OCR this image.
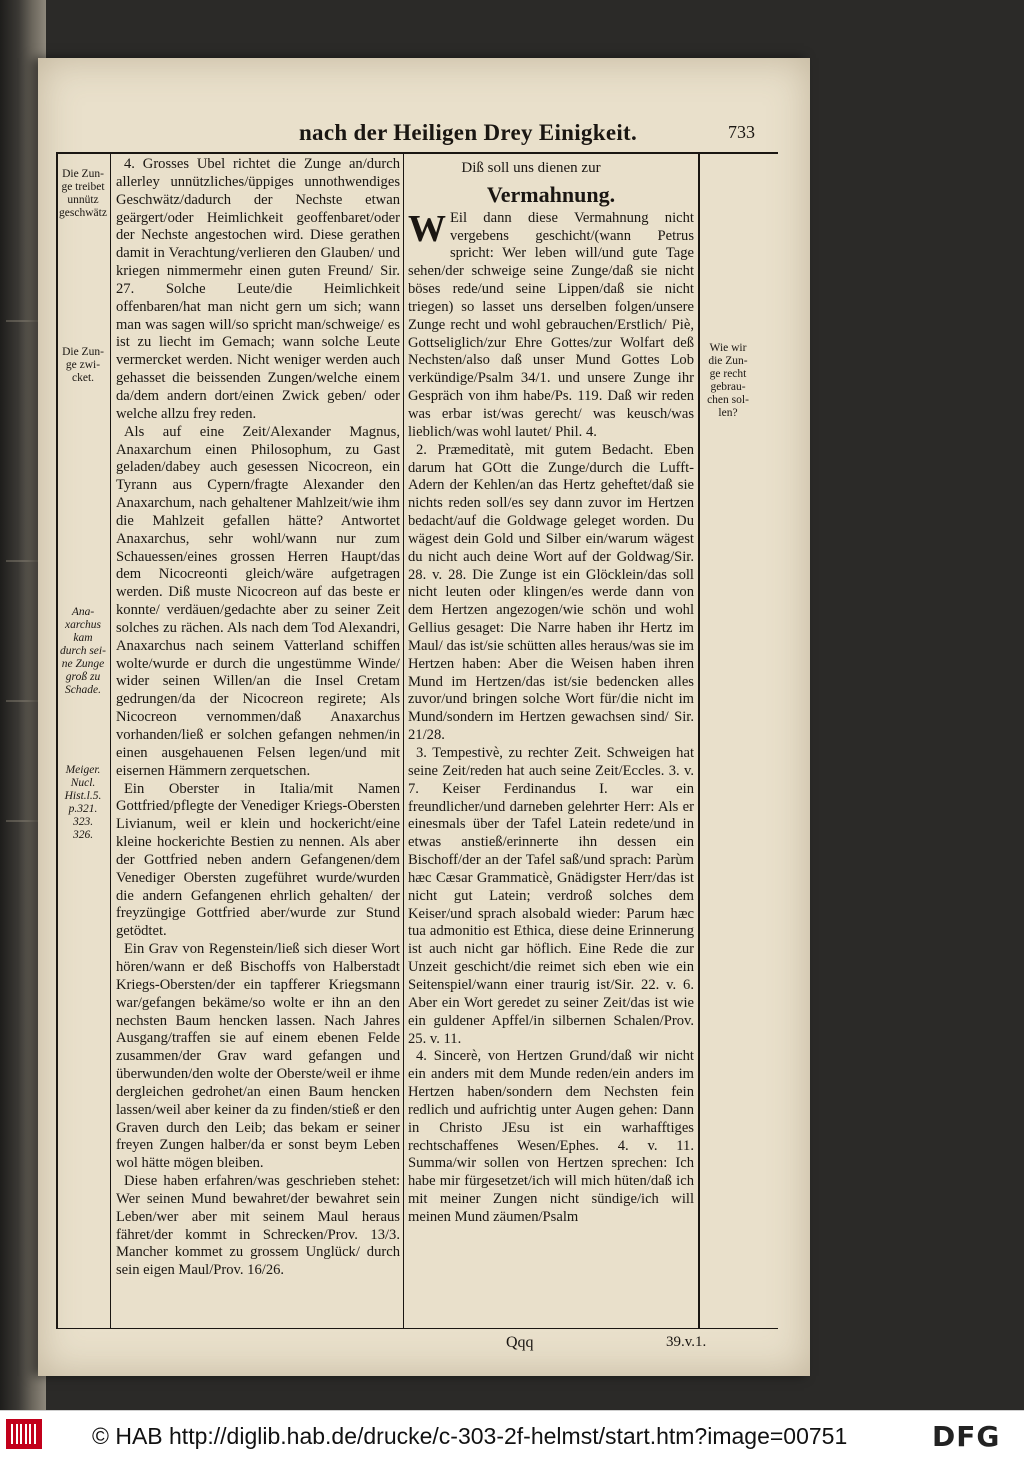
nach der Heiligen Drey Einigkeit.	733
Die Zun-
ge treibet
unnütz
geschwätz
Die Zun-
ge zwi-
cket.
Ana-
xarchus
kam
durch sei-
ne Zunge
groß zu
Schade.
Meiger.
Nucl.
Hist.l.5.
p.321.
323.
326.
Wie wir
die Zun-
ge recht
gebrau-
chen sol-
len?

4. Grosses Ubel richtet die Zunge an/durch allerley unnützliches/üppiges unnothwendiges Geschwätz/dadurch der Nechste etwan geärgert/oder Heimlichkeit geoffenbaret/oder der Nechste angestochen wird. Diese gerathen damit in Verachtung/verlieren den Glauben/ und kriegen nimmermehr einen guten Freund/ Sir. 27. Solche Leute/die Heimlichkeit offenbaren/hat man nicht gern um sich; wann man was sagen will/so spricht man/schweige/ es ist zu liecht im Gemach; wann solche Leute vermercket werden. Nicht weniger werden auch gehasset die beissenden Zungen/welche einem da/dem andern dort/einen Zwick geben/ oder welche allzu frey reden.

Als auf eine Zeit/Alexander Magnus, Anaxarchum einen Philosophum, zu Gast geladen/dabey auch gesessen Nicocreon, ein Tyrann aus Cypern/fragte Alexander den Anaxarchum, nach gehaltener Mahlzeit/wie ihm die Mahlzeit gefallen hätte? Antwortet Anaxarchus, sehr wohl/wann nur zum Schauessen/eines grossen Herren Haupt/das dem Nicocreonti gleich/wäre aufgetragen werden. Diß muste Nicocreon auf das beste er konnte/ verdäuen/gedachte aber zu seiner Zeit solches zu rächen. Als nach dem Tod Alexandri, Anaxarchus nach seinem Vatterland schiffen wolte/wurde er durch die ungestümme Winde/ wider seinen Willen/an die Insel Cretam gedrungen/da der Nicocreon regirete; Als Nicocreon vernommen/daß Anaxarchus vorhanden/ließ er solchen gefangen nehmen/in einen ausgehauenen Felsen legen/und mit eisernen Hämmern zerquetschen.

Ein Oberster in Italia/mit Namen Gottfried/pflegte der Venediger Kriegs-Obersten Livianum, weil er klein und hockericht/eine kleine hockerichte Bestien zu nennen. Als aber der Gottfried neben andern Gefangenen/dem Venediger Obersten zugeführet wurde/wurden die andern Gefangenen ehrlich gehalten/ der freyzüngige Gottfried aber/wurde zur Stund getödtet.

Ein Grav von Regenstein/ließ sich dieser Wort hören/wann er deß Bischoffs von Halberstadt Kriegs-Obersten/der ein tapfferer Kriegsmann war/gefangen bekäme/so wolte er ihn an den nechsten Baum hencken lassen. Nach Jahres Ausgang/traffen sie auf einem ebenen Felde zusammen/der Grav ward gefangen und überwunden/den wolte der Oberste/weil er ihme dergleichen gedrohet/an einen Baum hencken lassen/weil aber keiner da zu finden/stieß er den Graven durch den Leib; das bekam er seiner freyen Zungen halber/da er sonst beym Leben wol hätte mögen bleiben.

Diese haben erfahren/was geschrieben stehet: Wer seinen Mund bewahret/der bewahret sein Leben/wer aber mit seinem Maul heraus fähret/der kommt in Schrecken/Prov. 13/3. Mancher kommet zu grossem Unglück/ durch sein eigen Maul/Prov. 16/26.

Diß soll uns dienen zur
Vermahnung.

W Eil dann diese Vermahnung nicht vergebens geschicht/(wann Petrus spricht: Wer leben will/und gute Tage sehen/der schweige seine Zunge/daß sie nicht böses rede/und seine Lippen/daß sie nicht triegen) so lasset uns derselben folgen/unsere Zunge recht und wohl gebrauchen/Erstlich/ Piè, Gottseliglich/zur Ehre Gottes/zur Wolfart deß Nechsten/also daß unser Mund Gottes Lob verkündige/Psalm 34/1. und unsere Zunge ihr Gespräch von ihm habe/Ps. 119. Daß wir reden was erbar ist/was gerecht/ was keusch/was lieblich/was wohl lautet/ Phil. 4.

2. Præmeditatè, mit gutem Bedacht. Eben darum hat GOtt die Zunge/durch die Lufft-Adern der Kehlen/an das Hertz geheftet/daß sie nichts reden soll/es sey dann zuvor im Hertzen bedacht/auf die Goldwage geleget worden. Du wägest dein Gold und Silber ein/warum wägest du nicht auch deine Wort auf der Goldwag/Sir. 28. v. 28. Die Zunge ist ein Glöcklein/das soll nicht leuten oder klingen/es werde dann von dem Hertzen angezogen/wie schön und wohl Gellius gesaget: Die Narre haben ihr Hertz im Maul/ das ist/sie schütten alles heraus/was sie im Hertzen haben: Aber die Weisen haben ihren Mund im Hertzen/das ist/sie bedencken alles zuvor/und bringen solche Wort für/die nicht im Mund/sondern im Hertzen gewachsen sind/ Sir. 21/28.

3. Tempestivè, zu rechter Zeit. Schweigen hat seine Zeit/reden hat auch seine Zeit/Eccles. 3. v. 7. Keiser Ferdinandus I. war ein freundlicher/und darneben gelehrter Herr: Als er einesmals über der Tafel Latein redete/und in etwas anstieß/erinnerte ihn dessen ein Bischoff/der an der Tafel saß/und sprach: Parùm hæc Cæsar Grammaticè, Gnädigster Herr/das ist nicht gut Latein; verdroß solches dem Keiser/und sprach alsobald wieder: Parum hæc tua admonitio est Ethica, diese deine Erinnerung ist auch nicht gar höflich. Eine Rede die zur Unzeit geschicht/die reimet sich eben wie ein Seitenspiel/wann einer traurig ist/Sir. 22. v. 6. Aber ein Wort geredet zu seiner Zeit/das ist wie ein guldener Apffel/in silbernen Schalen/Prov. 25. v. 11.

4. Sincerè, von Hertzen Grund/daß wir nicht ein anders mit dem Munde reden/ein anders im Hertzen haben/sondern dem Nechsten fein redlich und aufrichtig unter Augen gehen: Dann in Christo JEsu ist ein warhafftiges rechtschaffenes Wesen/Ephes. 4. v. 11. Summa/wir sollen von Hertzen sprechen: Ich habe mir fürgesetzet/ich will mich hüten/daß ich mit meiner Zungen nicht sündige/ich will meinen Mund zäumen/Psalm

Qqq	39.v.1.
© HAB http://diglib.hab.de/drucke/c-303-2f-helmst/start.htm?image=00751	DFG
